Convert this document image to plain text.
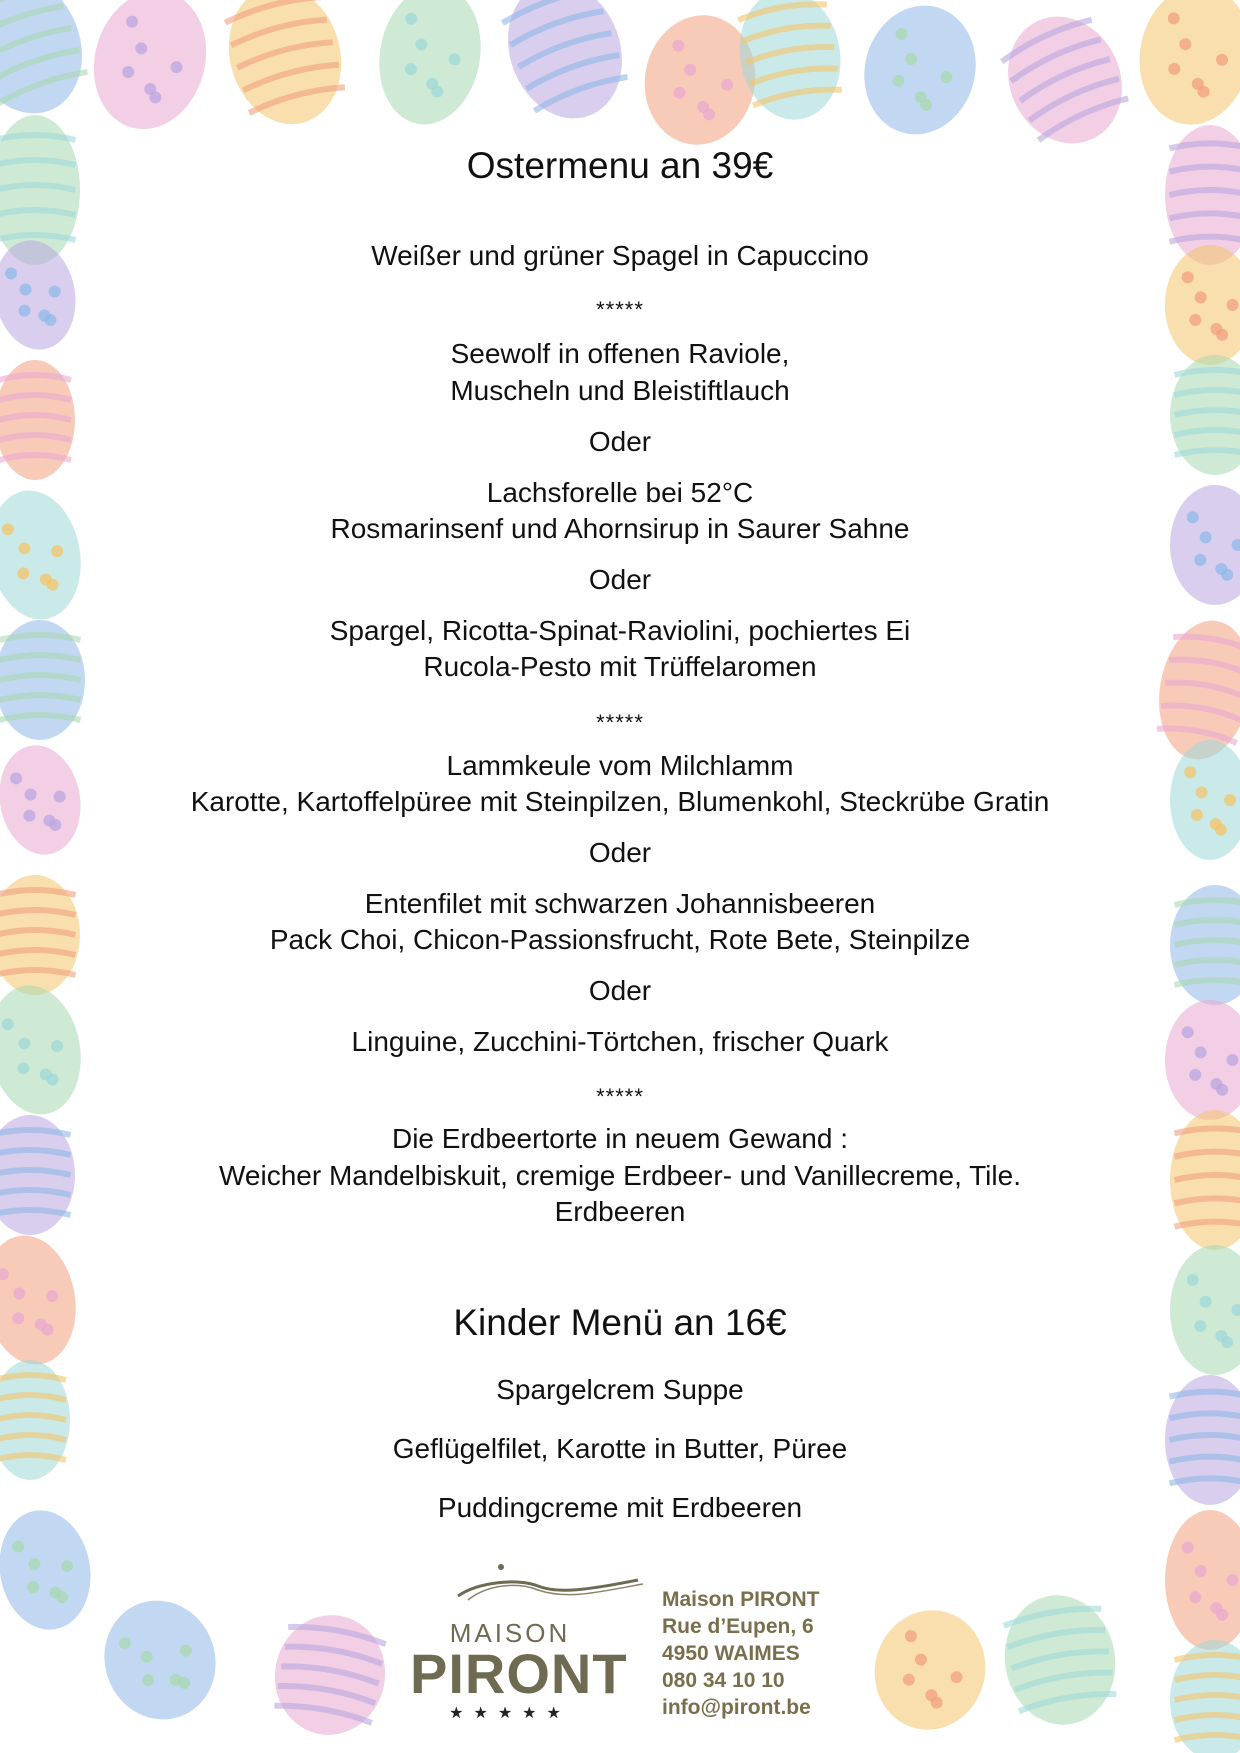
Ostermenu an 39€
Weißer und grüner Spagel in Capuccino
*****
Seewolf in offenen Raviole,
Muscheln und Bleistiftlauch
Oder
Lachsforelle bei 52°C
Rosmarinsenf und Ahornsirup in Saurer Sahne
Oder
Spargel, Ricotta-Spinat-Raviolini, pochiertes Ei
Rucola-Pesto mit Trüffelaromen
*****
Lammkeule vom Milchlamm
Karotte, Kartoffelpüree mit Steinpilzen, Blumenkohl, Steckrübe Gratin
Oder
Entenfilet mit schwarzen Johannisbeeren
Pack Choi, Chicon-Passionsfrucht, Rote Bete, Steinpilze
Oder
Linguine, Zucchini-Törtchen, frischer Quark
*****
Die Erdbeertorte in neuem Gewand :
Weicher Mandelbiskuit, cremige Erdbeer- und Vanillecreme, Tile.
Erdbeeren
Kinder Menü an 16€
Spargelcrem Suppe
Geflügelfilet, Karotte in Butter, Püree
Puddingcreme mit Erdbeeren
MAISON
PIRONT
★★★★★
Maison PIRONT
Rue d’Eupen, 6
4950 WAIMES
080 34 10 10
info@piront.be
